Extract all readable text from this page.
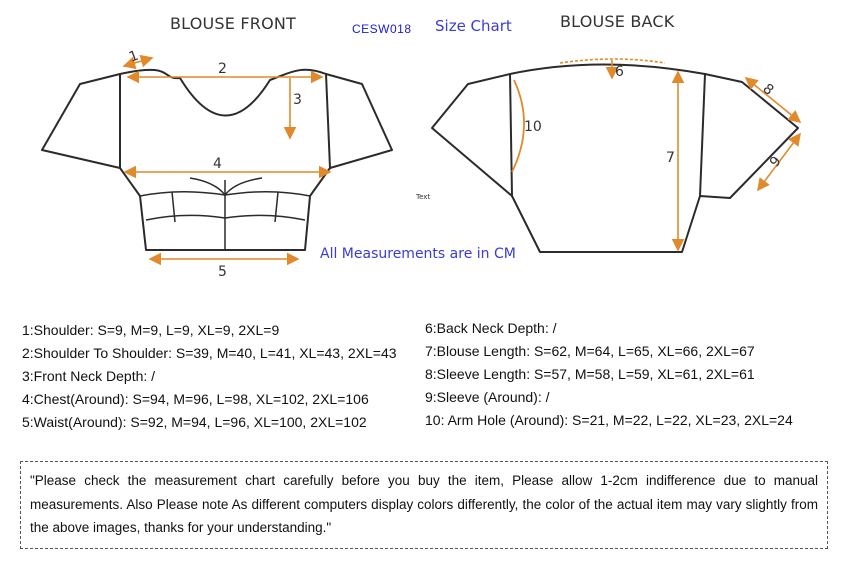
BLOUSE FRONT	CESW018 Size Chart	BLOUSE BACK
All Measurements are in CM
Text
1
2
3
4
5
6
7
8
9
10
1:Shoulder: S=9, M=9, L=9, XL=9, 2XL=9
2:Shoulder To Shoulder: S=39, M=40, L=41, XL=43, 2XL=43
3:Front Neck Depth: /
4:Chest(Around): S=94, M=96, L=98, XL=102, 2XL=106
5:Waist(Around): S=92, M=94, L=96, XL=100, 2XL=102
6:Back Neck Depth: /
7:Blouse Length: S=62, M=64, L=65, XL=66, 2XL=67
8:Sleeve Length: S=57, M=58, L=59, XL=61, 2XL=61
9:Sleeve (Around): /
10: Arm Hole (Around): S=21, M=22, L=22, XL=23, 2XL=24

"Please check the measurement chart carefully before you buy the item, Please allow 1-2cm indifference due to manual measurements. Also Please note As different computers display colors differently, the color of the actual item may vary slightly from the above images, thanks for your understanding."
